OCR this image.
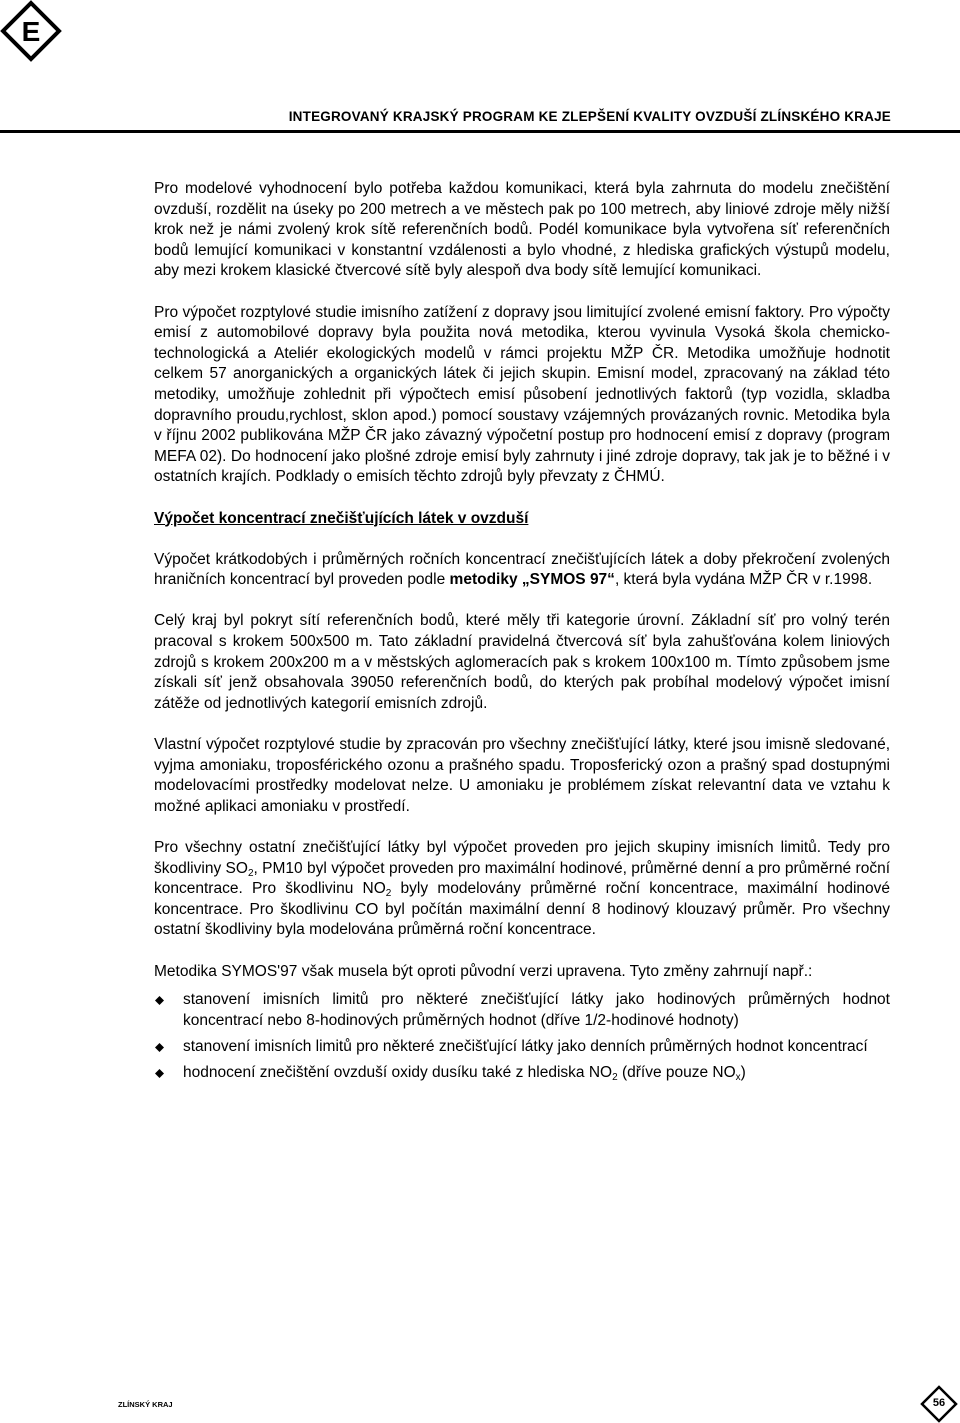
E
INTEGROVANÝ KRAJSKÝ PROGRAM KE ZLEPŠENÍ KVALITY OVZDUŠÍ ZLÍNSKÉHO KRAJE

Pro modelové vyhodnocení bylo potřeba každou komunikaci, která byla zahrnuta do modelu znečištění ovzduší, rozdělit na úseky po 200 metrech a ve městech pak po 100 metrech, aby liniové zdroje měly nižší krok než je námi zvolený krok sítě referenčních bodů. Podél komunikace byla vytvořena síť referenčních bodů lemující komunikaci v konstantní vzdálenosti a bylo vhodné, z hlediska grafických výstupů modelu, aby mezi krokem klasické čtvercové sítě byly alespoň dva body sítě lemující komunikaci.

Pro výpočet rozptylové studie imisního zatížení z dopravy jsou limitující zvolené emisní faktory. Pro výpočty emisí z automobilové dopravy byla použita nová metodika, kterou vyvinula Vysoká škola chemicko-technologická a Ateliér ekologických modelů v rámci projektu MŽP ČR. Metodika umožňuje hodnotit celkem 57 anorganických a organických látek či jejich skupin. Emisní model, zpracovaný na základ této metodiky, umožňuje zohlednit při výpočtech emisí působení jednotlivých faktorů (typ vozidla, skladba dopravního proudu,rychlost, sklon apod.) pomocí soustavy vzájemných provázaných rovnic. Metodika byla v říjnu 2002 publikována MŽP ČR jako závazný výpočetní postup pro hodnocení emisí z dopravy (program MEFA 02). Do hodnocení jako plošné zdroje emisí byly zahrnuty i jiné zdroje dopravy, tak jak je to běžné i v ostatních krajích. Podklady o emisích těchto zdrojů byly převzaty z ČHMÚ.

Výpočet koncentrací znečišťujících látek v ovzduší

Výpočet krátkodobých i průměrných ročních koncentrací znečišťujících látek a doby překročení zvolených hraničních koncentrací byl proveden podle metodiky „SYMOS 97“, která byla vydána MŽP ČR v r.1998.

Celý kraj byl pokryt sítí referenčních bodů, které měly tři kategorie úrovní. Základní síť pro volný terén pracoval s krokem 500x500 m. Tato základní pravidelná čtvercová síť byla zahušťována kolem liniových zdrojů s krokem 200x200 m a v městských aglomeracích pak s krokem 100x100 m. Tímto způsobem jsme získali síť jenž obsahovala 39050 referenčních bodů, do kterých pak probíhal modelový výpočet imisní zátěže od jednotlivých kategorií emisních zdrojů.

Vlastní výpočet rozptylové studie by zpracován pro všechny znečišťující látky, které jsou imisně sledované, vyjma amoniaku, troposférického ozonu a prašného spadu. Troposferický ozon a prašný spad dostupnými modelovacími prostředky modelovat nelze. U amoniaku je problémem získat relevantní data ve vztahu k možné aplikaci amoniaku v prostředí.

Pro všechny ostatní znečišťující látky byl výpočet proveden pro jejich skupiny imisních limitů. Tedy pro škodliviny $SO_2$, PM10 byl výpočet proveden pro maximální hodinové, průměrné denní a pro průměrné roční koncentrace. Pro škodlivinu $NO_2$ byly modelovány průměrné roční koncentrace, maximální hodinové koncentrace. Pro škodlivinu CO byl počítán maximální denní 8 hodinový klouzavý průměr. Pro všechny ostatní škodliviny byla modelována průměrná roční koncentrace.

Metodika SYMOS'97 však musela být oproti původní verzi upravena. Tyto změny zahrnují např.:

stanovení imisních limitů pro některé znečišťující látky jako hodinových průměrných hodnot koncentrací nebo 8-hodinových průměrných hodnot (dříve 1/2-hodinové hodnoty)
stanovení imisních limitů pro některé znečišťující látky jako denních průměrných hodnot koncentrací
hodnocení znečištění ovzduší oxidy dusíku také z hlediska $NO_2$ (dříve pouze $NO_x$)
ZLÍNSKÝ KRAJ	56
